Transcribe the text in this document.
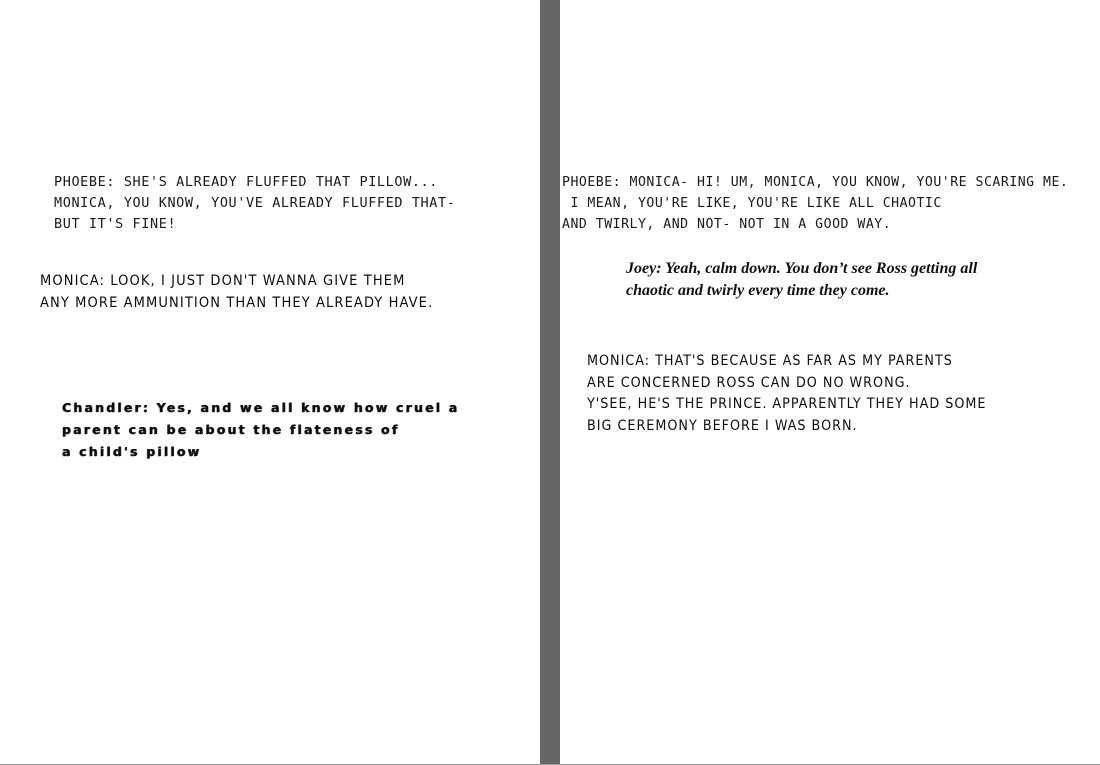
PHOEBE: SHE'S ALREADY FLUFFED THAT PILLOW...
MONICA, YOU KNOW, YOU'VE ALREADY FLUFFED THAT-
BUT IT'S FINE!
MONICA: LOOK, I JUST DON'T WANNA GIVE THEM
ANY MORE AMMUNITION THAN THEY ALREADY HAVE.
Chandler: Yes, and we all know how cruel a
parent can be about the flateness of
a child's pillow
PHOEBE: MONICA- HI! UM, MONICA, YOU KNOW, YOU'RE SCARING ME.
I MEAN, YOU'RE LIKE, YOU'RE LIKE ALL CHAOTIC
AND TWIRLY, AND NOT- NOT IN A GOOD WAY.
Joey: Yeah, calm down. You don’t see Ross getting all
chaotic and twirly every time they come.
MONICA: THAT'S BECAUSE AS FAR AS MY PARENTS
ARE CONCERNED ROSS CAN DO NO WRONG.
Y'SEE, HE'S THE PRINCE. APPARENTLY THEY HAD SOME
BIG CEREMONY BEFORE I WAS BORN.
